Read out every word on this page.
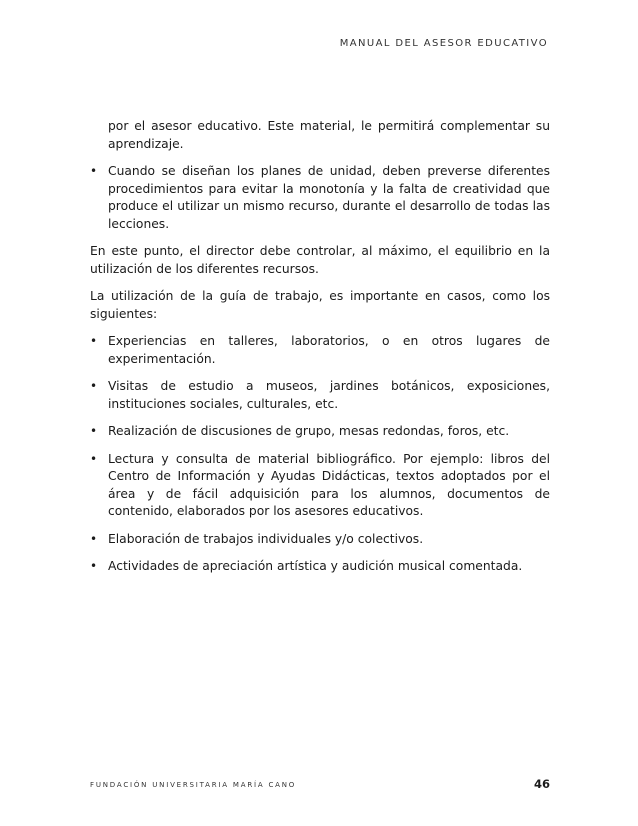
MANUAL DEL ASESOR EDUCATIVO

por el asesor educativo. Este material, le permitirá complementar su aprendizaje.

• Cuando se diseñan los planes de unidad, deben preverse diferentes procedimientos para evitar la monotonía y la falta de creatividad que produce el utilizar un mismo recurso, durante el desarrollo de todas las lecciones.

En este punto, el director debe controlar, al máximo, el equilibrio en la utilización de los diferentes recursos.

La utilización de la guía de trabajo, es importante en casos, como los siguientes:

• Experiencias en talleres, laboratorios, o en otros lugares de experimentación.
• Visitas de estudio a museos, jardines botánicos, exposiciones, instituciones sociales, culturales, etc.
• Realización de discusiones de grupo, mesas redondas, foros, etc.
• Lectura y consulta de material bibliográfico. Por ejemplo: libros del Centro de Información y Ayudas Didácticas, textos adoptados por el área y de fácil adquisición para los alumnos, documentos de contenido, elaborados por los asesores educativos.
• Elaboración de trabajos individuales y/o colectivos.
• Actividades de apreciación artística y audición musical comentada.
FUNDACIÓN UNIVERSITARIA MARÍA CANO	46
